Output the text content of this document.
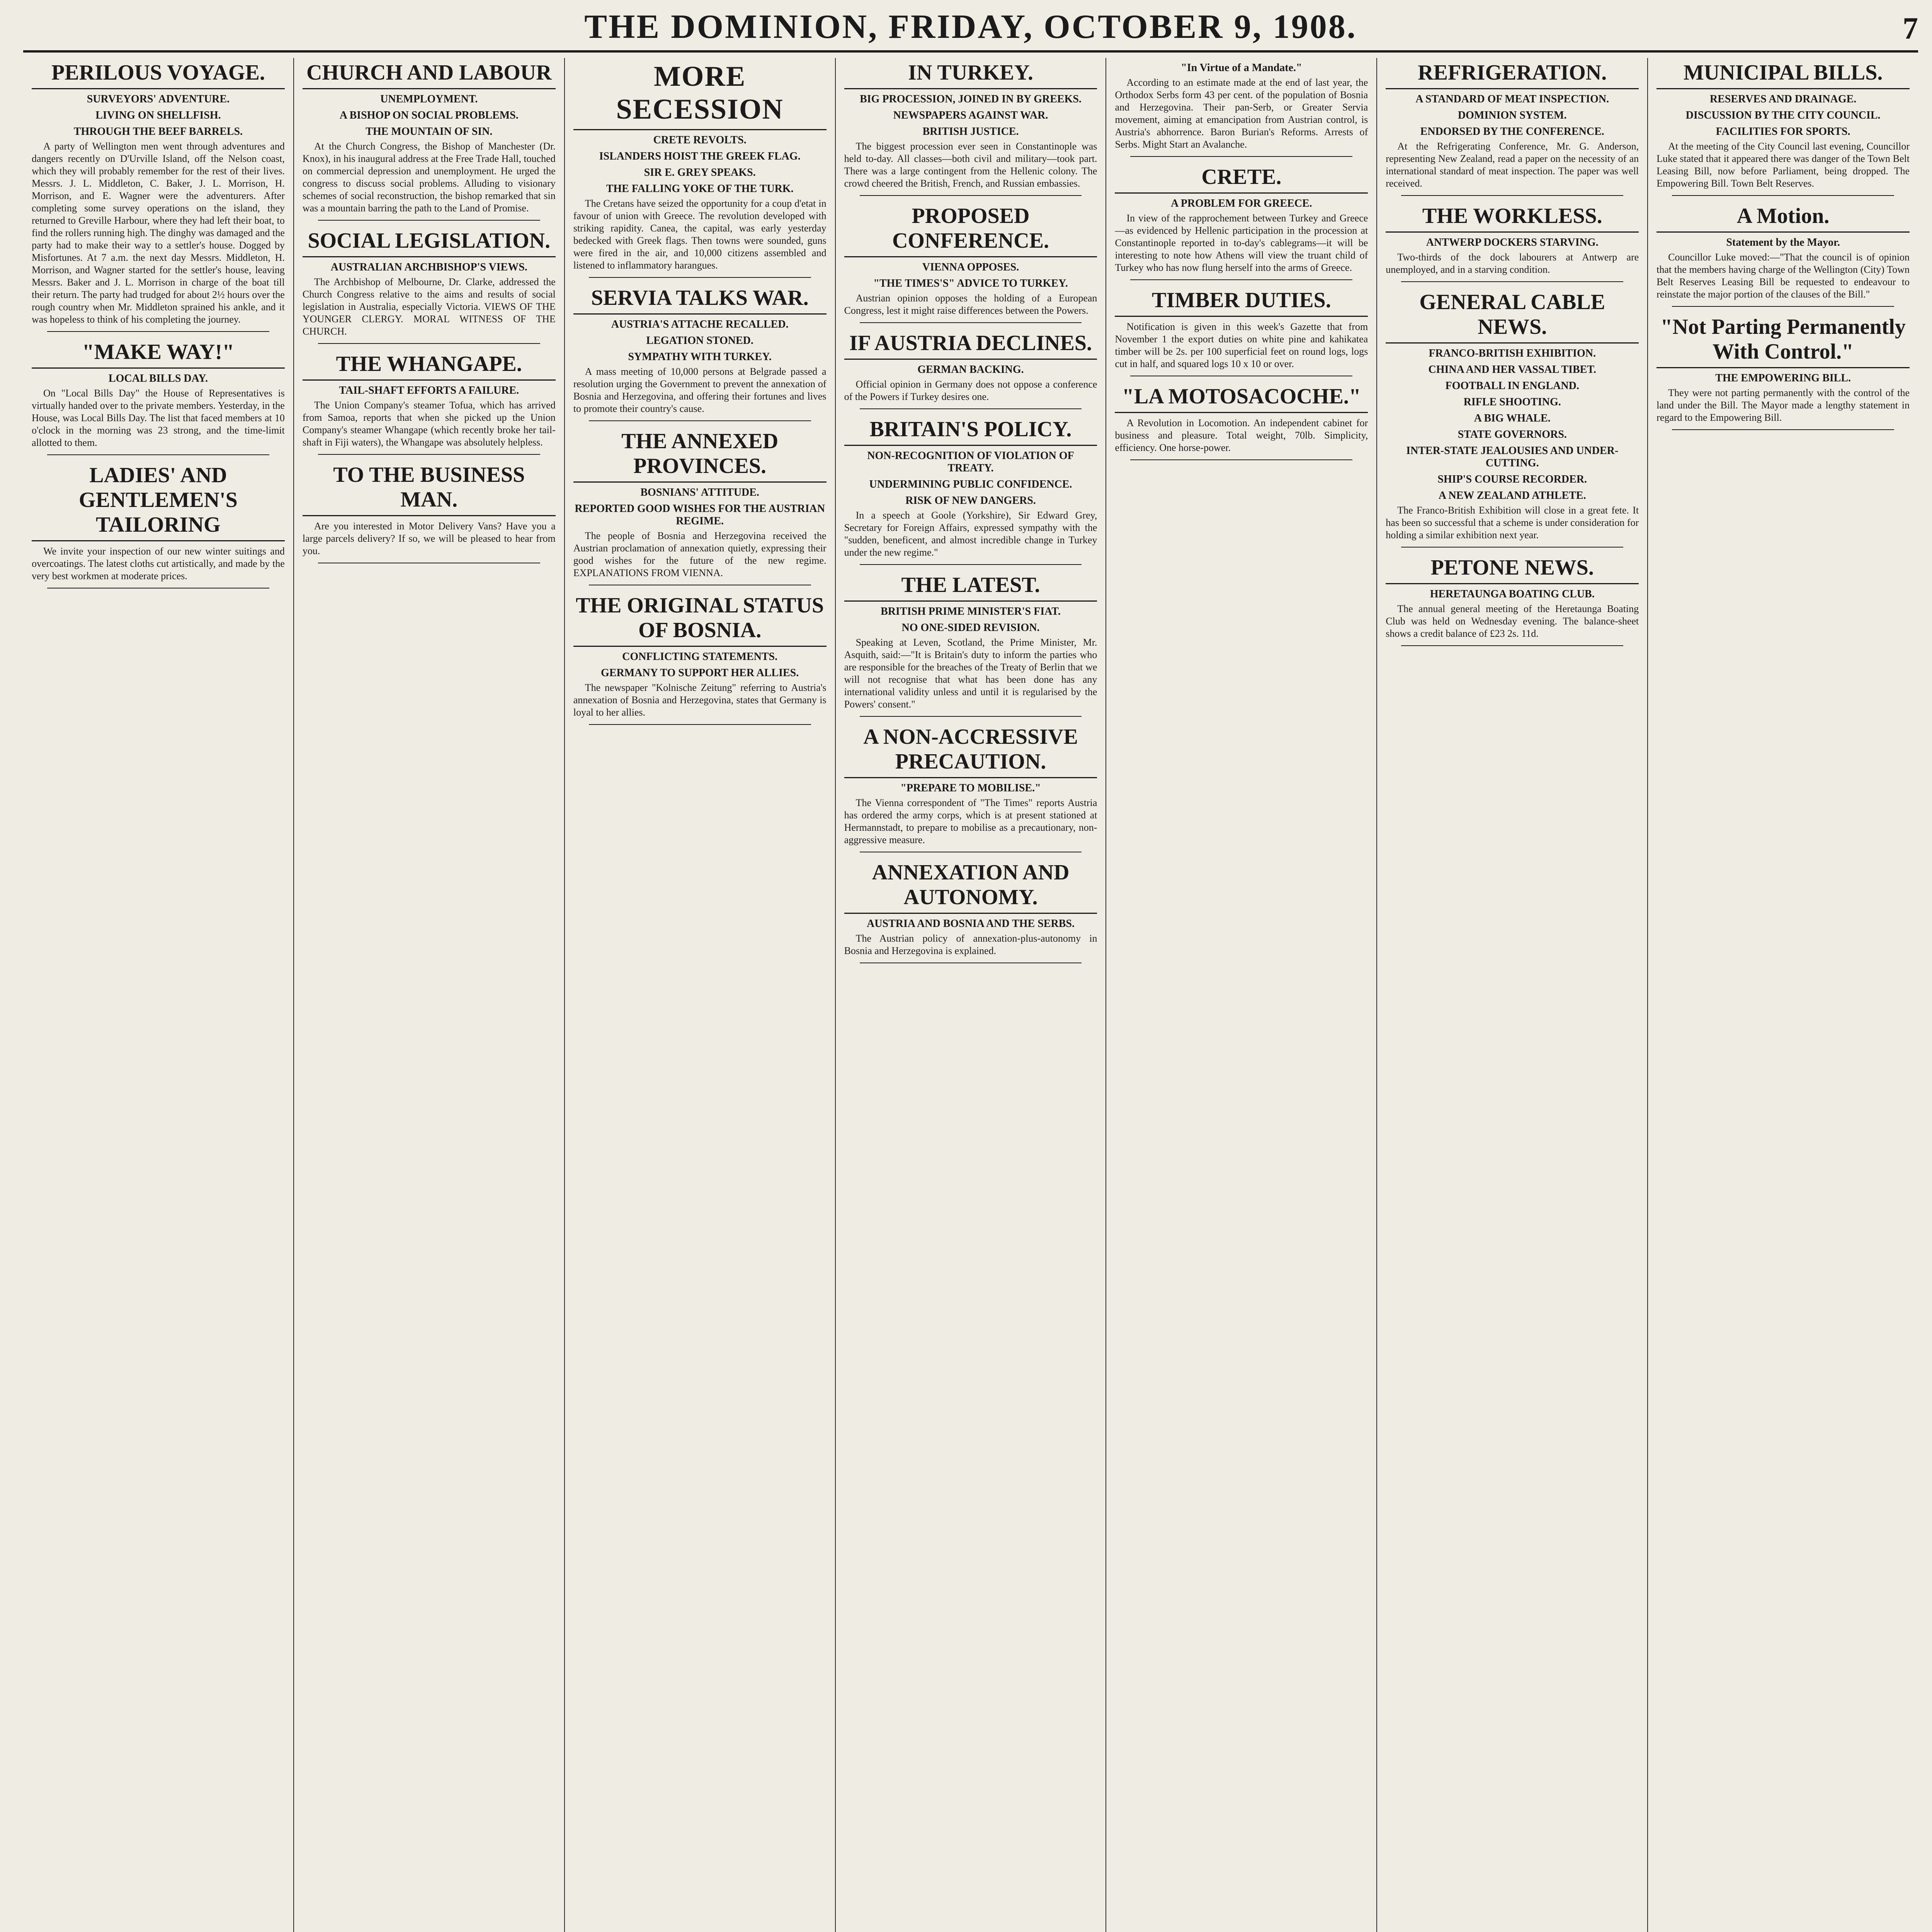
THE DOMINION, FRIDAY, OCTOBER 9, 1908.	7
PERILOUS VOYAGE.
SURVEYORS' ADVENTURE.
LIVING ON SHELLFISH.
THROUGH THE BEEF BARRELS.

A party of Wellington men went through adventures and dangers recently on D'Urville Island, off the Nelson coast, which they will probably remember for the rest of their lives. Messrs. J. L. Middleton, C. Baker, J. L. Morrison, H. Morrison, and E. Wagner were the adventurers. After completing some survey operations on the island, they returned to Greville Harbour, where they had left their boat, to find the rollers running high. The dinghy was damaged and the party had to make their way to a settler's house. Dogged by Misfortunes. At 7 a.m. the next day Messrs. Middleton, H. Morrison, and Wagner started for the settler's house, leaving Messrs. Baker and J. L. Morrison in charge of the boat till their return. The party had trudged for about 2½ hours over the rough country when Mr. Middleton sprained his ankle, and it was hopeless to think of his completing the journey.

"MAKE WAY!"
LOCAL BILLS DAY.

On "Local Bills Day" the House of Representatives is virtually handed over to the private members. Yesterday, in the House, was Local Bills Day. The list that faced members at 10 o'clock in the morning was 23 strong, and the time-limit allotted to them.

LADIES' AND GENTLEMEN'S TAILORING

We invite your inspection of our new winter suitings and overcoatings. The latest cloths cut artistically, and made by the very best workmen at moderate prices.

CHURCH AND LABOUR
UNEMPLOYMENT.
A BISHOP ON SOCIAL PROBLEMS.
THE MOUNTAIN OF SIN.

At the Church Congress, the Bishop of Manchester (Dr. Knox), in his inaugural address at the Free Trade Hall, touched on commercial depression and unemployment. He urged the congress to discuss social problems. Alluding to visionary schemes of social reconstruction, the bishop remarked that sin was a mountain barring the path to the Land of Promise.

SOCIAL LEGISLATION.
AUSTRALIAN ARCHBISHOP'S VIEWS.

The Archbishop of Melbourne, Dr. Clarke, addressed the Church Congress relative to the aims and results of social legislation in Australia, especially Victoria. VIEWS OF THE YOUNGER CLERGY. MORAL WITNESS OF THE CHURCH.

THE WHANGAPE.
TAIL-SHAFT EFFORTS A FAILURE.

The Union Company's steamer Tofua, which has arrived from Samoa, reports that when she picked up the Union Company's steamer Whangape (which recently broke her tail-shaft in Fiji waters), the Whangape was absolutely helpless.

TO THE BUSINESS MAN.

Are you interested in Motor Delivery Vans? Have you a large parcels delivery? If so, we will be pleased to hear from you.

MORE SECESSION
CRETE REVOLTS.
ISLANDERS HOIST THE GREEK FLAG.
SIR E. GREY SPEAKS.
THE FALLING YOKE OF THE TURK.

The Cretans have seized the opportunity for a coup d'etat in favour of union with Greece. The revolution developed with striking rapidity. Canea, the capital, was early yesterday bedecked with Greek flags. Then towns were sounded, guns were fired in the air, and 10,000 citizens assembled and listened to inflammatory harangues.

SERVIA TALKS WAR.
AUSTRIA'S ATTACHE RECALLED.
LEGATION STONED.
SYMPATHY WITH TURKEY.

A mass meeting of 10,000 persons at Belgrade passed a resolution urging the Government to prevent the annexation of Bosnia and Herzegovina, and offering their fortunes and lives to promote their country's cause.

THE ANNEXED PROVINCES.
BOSNIANS' ATTITUDE.
REPORTED GOOD WISHES FOR THE AUSTRIAN REGIME.

The people of Bosnia and Herzegovina received the Austrian proclamation of annexation quietly, expressing their good wishes for the future of the new regime. EXPLANATIONS FROM VIENNA.

THE ORIGINAL STATUS OF BOSNIA.
CONFLICTING STATEMENTS.
GERMANY TO SUPPORT HER ALLIES.

The newspaper "Kolnische Zeitung" referring to Austria's annexation of Bosnia and Herzegovina, states that Germany is loyal to her allies.

IN TURKEY.
BIG PROCESSION, JOINED IN BY GREEKS.
NEWSPAPERS AGAINST WAR.
BRITISH JUSTICE.

The biggest procession ever seen in Constantinople was held to-day. All classes—both civil and military—took part. There was a large contingent from the Hellenic colony. The crowd cheered the British, French, and Russian embassies.

PROPOSED CONFERENCE.
VIENNA OPPOSES.
"THE TIMES'S" ADVICE TO TURKEY.

Austrian opinion opposes the holding of a European Congress, lest it might raise differences between the Powers.

IF AUSTRIA DECLINES.
GERMAN BACKING.

Official opinion in Germany does not oppose a conference of the Powers if Turkey desires one.

BRITAIN'S POLICY.
NON-RECOGNITION OF VIOLATION OF TREATY.
UNDERMINING PUBLIC CONFIDENCE.
RISK OF NEW DANGERS.

In a speech at Goole (Yorkshire), Sir Edward Grey, Secretary for Foreign Affairs, expressed sympathy with the "sudden, beneficent, and almost incredible change in Turkey under the new regime."

THE LATEST.
BRITISH PRIME MINISTER'S FIAT.
NO ONE-SIDED REVISION.

Speaking at Leven, Scotland, the Prime Minister, Mr. Asquith, said:—"It is Britain's duty to inform the parties who are responsible for the breaches of the Treaty of Berlin that we will not recognise that what has been done has any international validity unless and until it is regularised by the Powers' consent."

A NON-ACCRESSIVE PRECAUTION.
"PREPARE TO MOBILISE."

The Vienna correspondent of "The Times" reports Austria has ordered the army corps, which is at present stationed at Hermannstadt, to prepare to mobilise as a precautionary, non-aggressive measure.

ANNEXATION AND AUTONOMY.
AUSTRIA AND BOSNIA AND THE SERBS.

The Austrian policy of annexation-plus-autonomy in Bosnia and Herzegovina is explained.

"In Virtue of a Mandate."

According to an estimate made at the end of last year, the Orthodox Serbs form 43 per cent. of the population of Bosnia and Herzegovina. Their pan-Serb, or Greater Servia movement, aiming at emancipation from Austrian control, is Austria's abhorrence. Baron Burian's Reforms. Arrests of Serbs. Might Start an Avalanche.

CRETE.
A PROBLEM FOR GREECE.

In view of the rapprochement between Turkey and Greece—as evidenced by Hellenic participation in the procession at Constantinople reported in to-day's cablegrams—it will be interesting to note how Athens will view the truant child of Turkey who has now flung herself into the arms of Greece.

TIMBER DUTIES.

Notification is given in this week's Gazette that from November 1 the export duties on white pine and kahikatea timber will be 2s. per 100 superficial feet on round logs, logs cut in half, and squared logs 10 x 10 or over.

"LA MOTOSACOCHE."

A Revolution in Locomotion. An independent cabinet for business and pleasure. Total weight, 70lb. Simplicity, efficiency. One horse-power.

REFRIGERATION.
A STANDARD OF MEAT INSPECTION.
DOMINION SYSTEM.
ENDORSED BY THE CONFERENCE.

At the Refrigerating Conference, Mr. G. Anderson, representing New Zealand, read a paper on the necessity of an international standard of meat inspection. The paper was well received.

THE WORKLESS.
ANTWERP DOCKERS STARVING.

Two-thirds of the dock labourers at Antwerp are unemployed, and in a starving condition.

GENERAL CABLE NEWS.
FRANCO-BRITISH EXHIBITION.
CHINA AND HER VASSAL TIBET.
FOOTBALL IN ENGLAND.
RIFLE SHOOTING.
A BIG WHALE.
STATE GOVERNORS.
INTER-STATE JEALOUSIES AND UNDER-CUTTING.
SHIP'S COURSE RECORDER.
A NEW ZEALAND ATHLETE.

The Franco-British Exhibition will close in a great fete. It has been so successful that a scheme is under consideration for holding a similar exhibition next year.

PETONE NEWS.
HERETAUNGA BOATING CLUB.

The annual general meeting of the Heretaunga Boating Club was held on Wednesday evening. The balance-sheet shows a credit balance of £23 2s. 11d.

MUNICIPAL BILLS.
RESERVES AND DRAINAGE.
DISCUSSION BY THE CITY COUNCIL.
FACILITIES FOR SPORTS.

At the meeting of the City Council last evening, Councillor Luke stated that it appeared there was danger of the Town Belt Leasing Bill, now before Parliament, being dropped. The Empowering Bill. Town Belt Reserves.

A Motion.
Statement by the Mayor.

Councillor Luke moved:—"That the council is of opinion that the members having charge of the Wellington (City) Town Belt Reserves Leasing Bill be requested to endeavour to reinstate the major portion of the clauses of the Bill."

"Not Parting Permanently With Control."
THE EMPOWERING BILL.

They were not parting permanently with the control of the land under the Bill. The Mayor made a lengthy statement in regard to the Empowering Bill.
